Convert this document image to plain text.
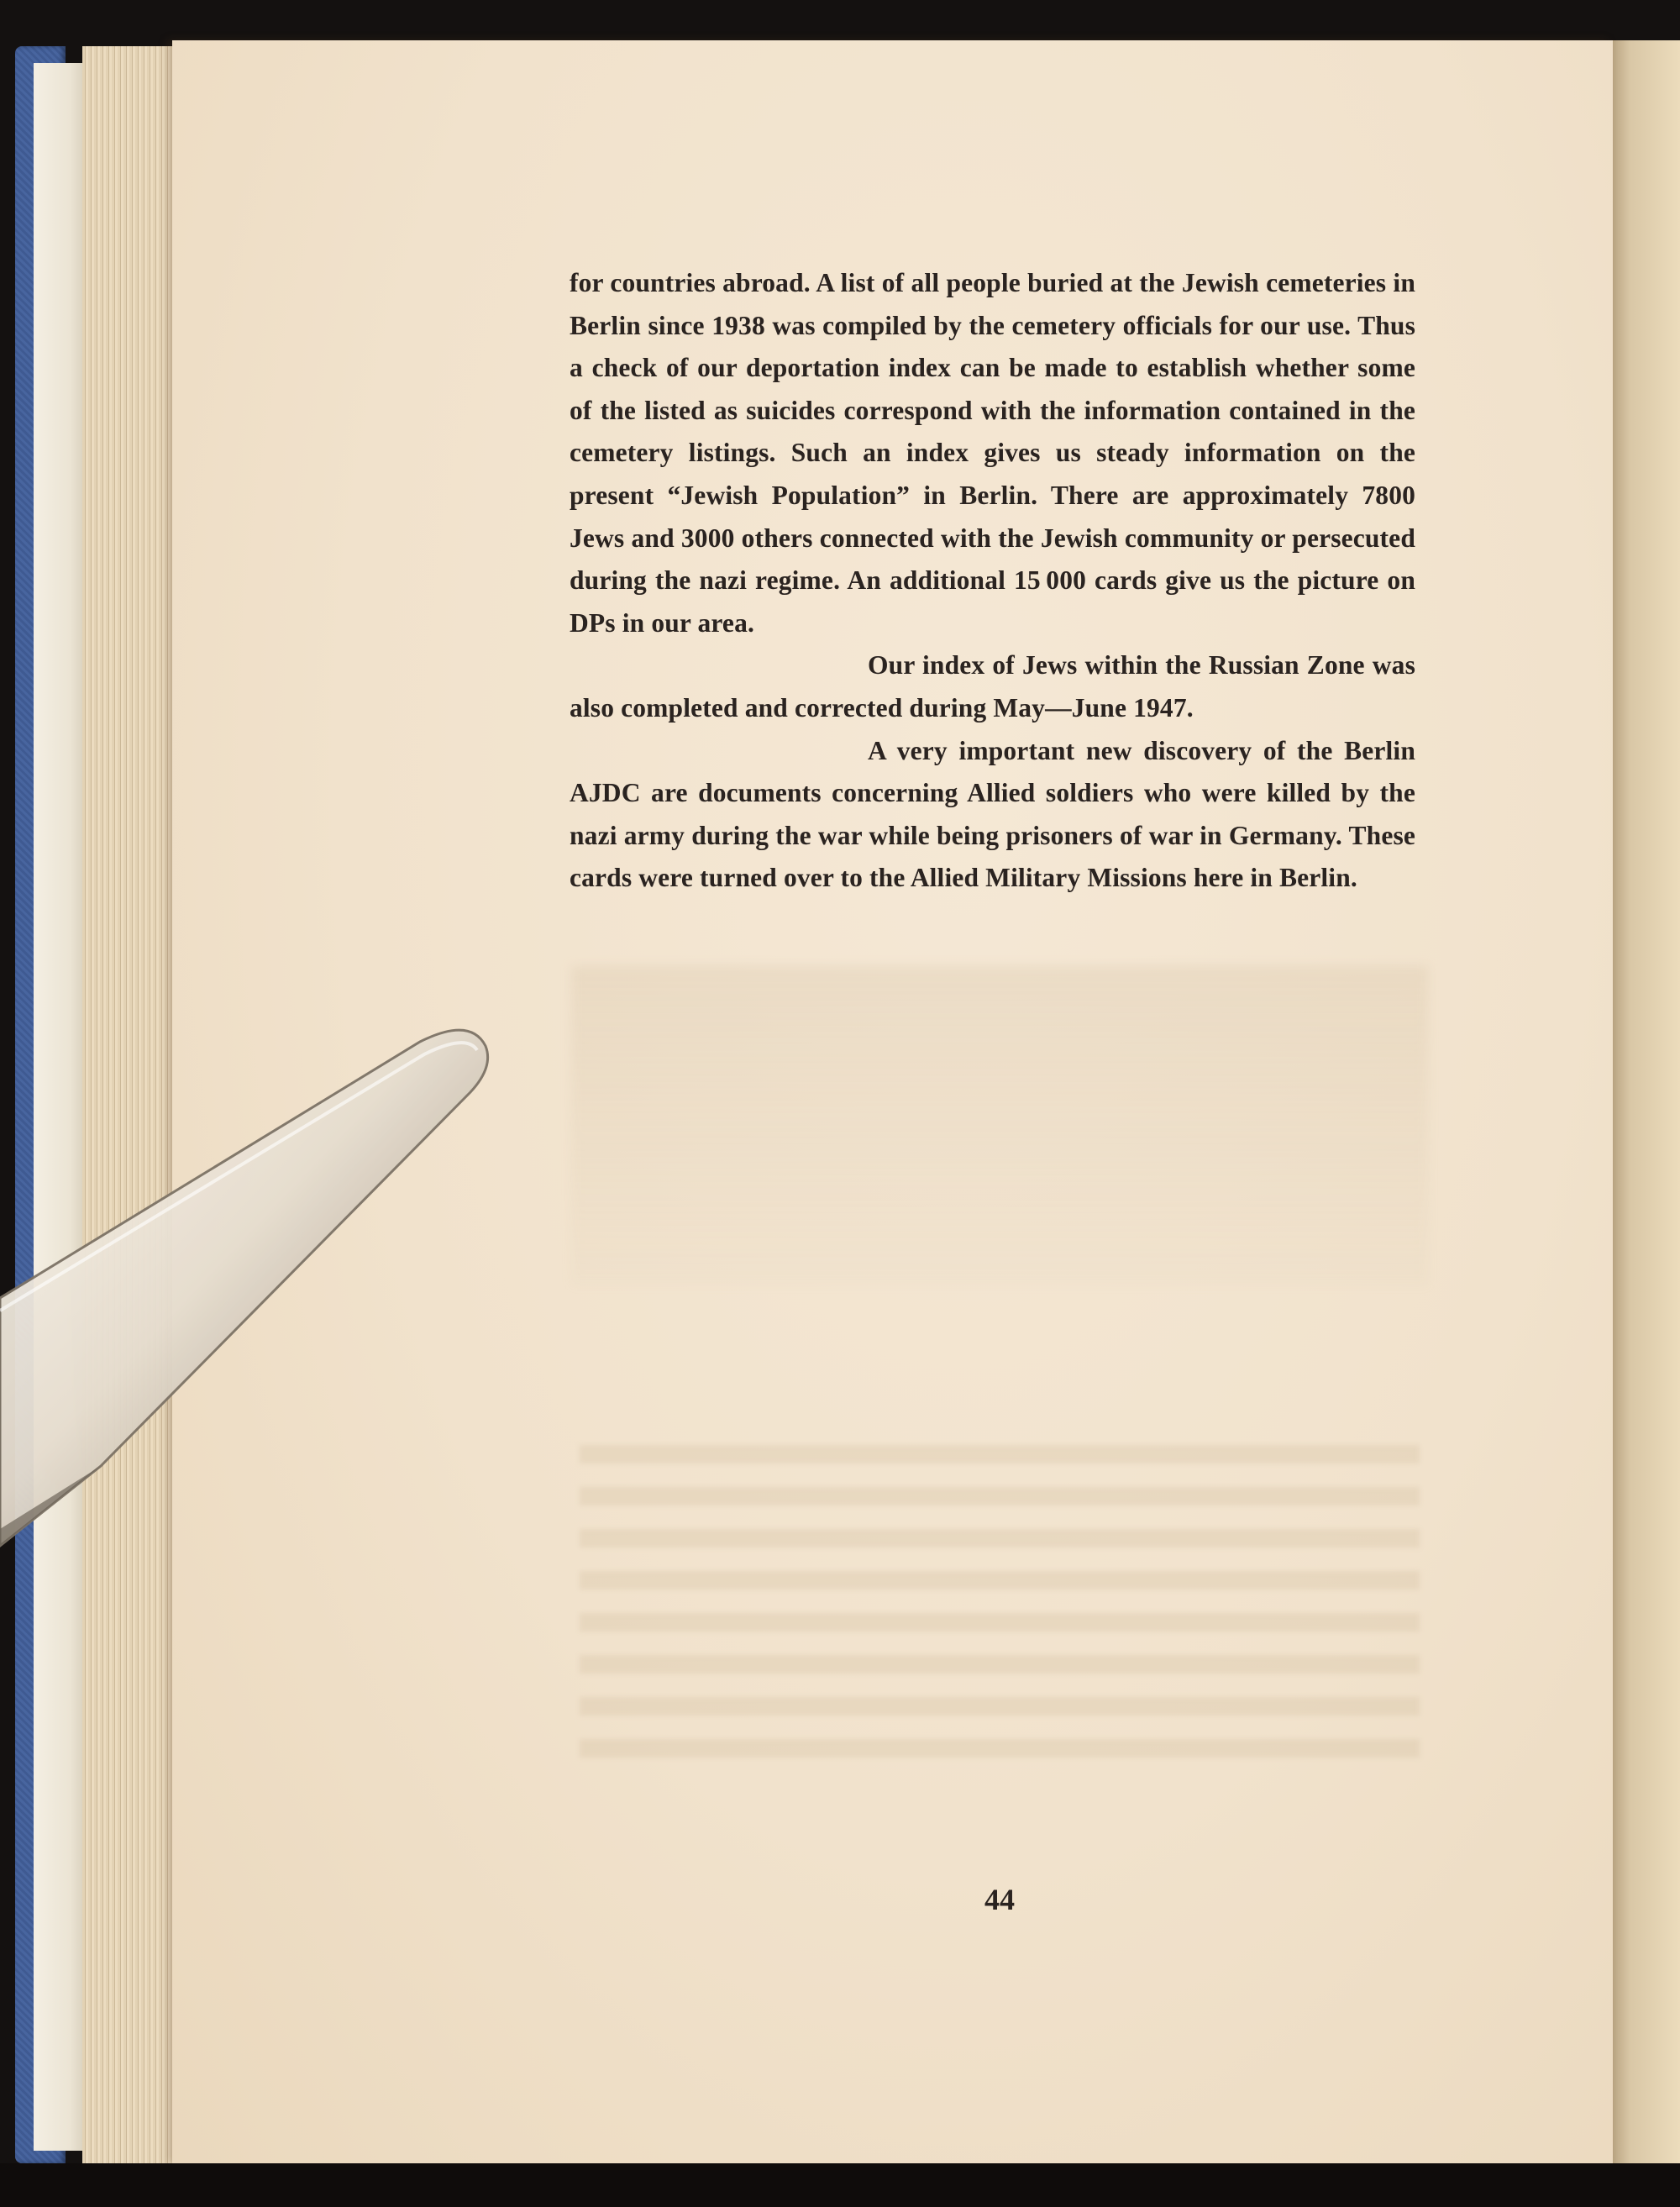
for countries abroad. A list of all people buried at the Jewish cemeteries in Berlin since 1938 was compiled by the cemetery officials for our use. Thus a check of our deportation index can be made to establish whether some of the listed as suicides correspond with the information contained in the cemetery listings. Such an index gives us steady information on the present “Jewish Population” in Berlin. There are approximately 7800 Jews and 3000 others connected with the Jewish community or persecuted during the nazi regime. An additional 15 000 cards give us the picture on DPs in our area.

Our index of Jews within the Russian Zone was also completed and corrected during May—June 1947.

A very important new discovery of the Berlin AJDC are documents concerning Allied soldiers who were killed by the nazi army during the war while being prisoners of war in Germany. These cards were turned over to the Allied Military Missions here in Berlin.

44
